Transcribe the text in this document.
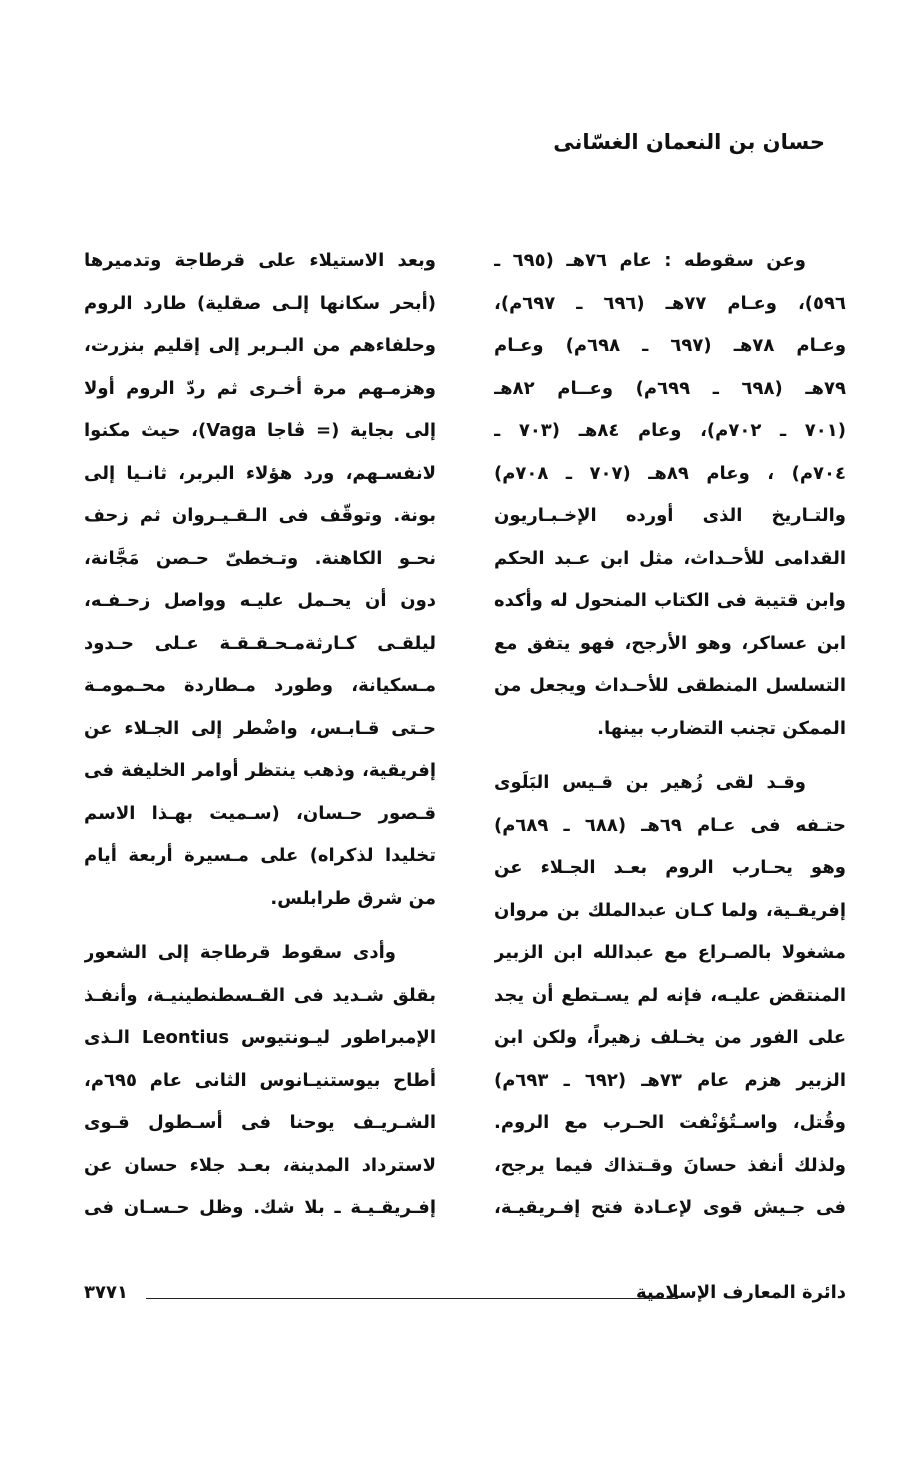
حسان بن النعمان الغسّانى
وعن سقوطه : عام ٧٦هـ (٦٩٥ ـ
٥٩٦)، وعـام ٧٧هـ (٦٩٦ ـ ٦٩٧م)،
وعـام ٧٨هـ (٦٩٧ ـ ٦٩٨م) وعـام
٧٩هـ (٦٩٨ ـ ٦٩٩م) وعــام ٨٢هـ
(٧٠١ ـ ٧٠٢م)، وعام ٨٤هـ (٧٠٣ ـ
٧٠٤م) ، وعام ٨٩هـ (٧٠٧ ـ ٧٠٨م)
والتـاريخ الذى أورده الإخـبـاريون
القدامى للأحـداث، مثل ابن عـبد الحكم
وابن قتيبة فى الكتاب المنحول له وأكده
ابن عساكر، وهو الأرجح، فهو يتفق مع
التسلسل المنطقى للأحـداث ويجعل من
الممكن تجنب التضارب بينها.
وقـد لقى زُهير بن قـيس البَلَوى
حتـفه فى عـام ٦٩هـ (٦٨٨ ـ ٦٨٩م)
وهو يحـارب الروم بعـد الجـلاء عن
إفريقـية، ولما كـان عبدالملك بن مروان
مشغولا بالصـراع مع عبدالله ابن الزبير
المنتقض عليـه، فإنه لم يسـتطع أن يجد
على الفور من يخـلف زهيراً، ولكن ابن
الزبير هزم عام ٧٣هـ (٦٩٢ ـ ٦٩٣م)
وقُتل، واسـتُؤنْفت الحـرب مع الروم.
ولذلك أنفذ حسانَ وقـتذاك فيما يرجح،
فى جـيش قوى لإعـادة فتح إفـريقيـة،
وبعد الاستيلاء على قرطاجة وتدميرها
(أبحر سكانها إلـى صقلية) طارد الروم
وحلفاءهم من البـربر إلى إقليم بنزرت،
وهزمـهم مرة أخـرى ثم ردّ الروم أولا
إلى بجاية (= ڤاجا Vaga)، حيث مكنوا
لانفسـهم، ورد هؤلاء البربر، ثانـيا إلى
بونة. وتوقّف فى الـقـيـروان ثم زحف
نحـو الكاهنة. وتـخطىّ حـصن مَجَّانة،
دون أن يحـمل عليـه وواصل زحـفـه،
ليلقـى كـارثةمـحـقـقـة عـلى حـدود
مـسكيانة، وطورد مـطاردة محـمومـة
حـتى قـابـس، واضْطر إلى الجـلاء عن
إفريقية، وذهب ينتظر أوامر الخليفة فى
قـصور حـسان، (سـميت بهـذا الاسم
تخليدا لذكراه) على مـسيرة أربعة أيام
من شرق طرابلس.
وأدى سقوط قرطاجة إلى الشعور
بقلق شـديد فى القـسطنطينيـة، وأنفـذ
الإمبراطور ليـونتيوس Leontius الـذى
أطاح بيوستنيـانوس الثانى عام ٦٩٥م،
الشـريـف يوحنا فى أسـطول قـوى
لاسترداد المدينة، بعـد جلاء حسان عن
إفـريقـيـة ـ بلا شك. وظل حـسـان فى
دائرة المعارف الإسلامية
٣٧٧١
